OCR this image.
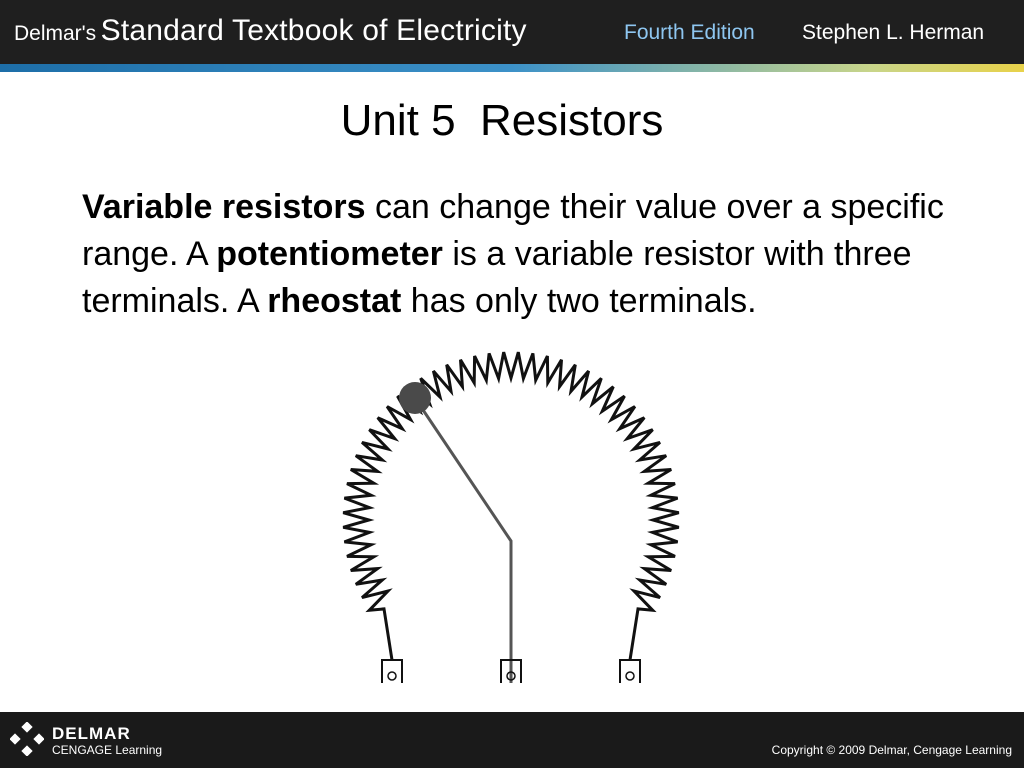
Delmar's Standard Textbook of Electricity	Fourth Edition Stephen L. Herman
Unit 5  Resistors
Variable resistors can change their value over a specific range. A potentiometer is a variable resistor with three terminals. A rheostat has only two terminals.
DELMAR
CENGAGE Learning	Copyright © 2009 Delmar, Cengage Learning
